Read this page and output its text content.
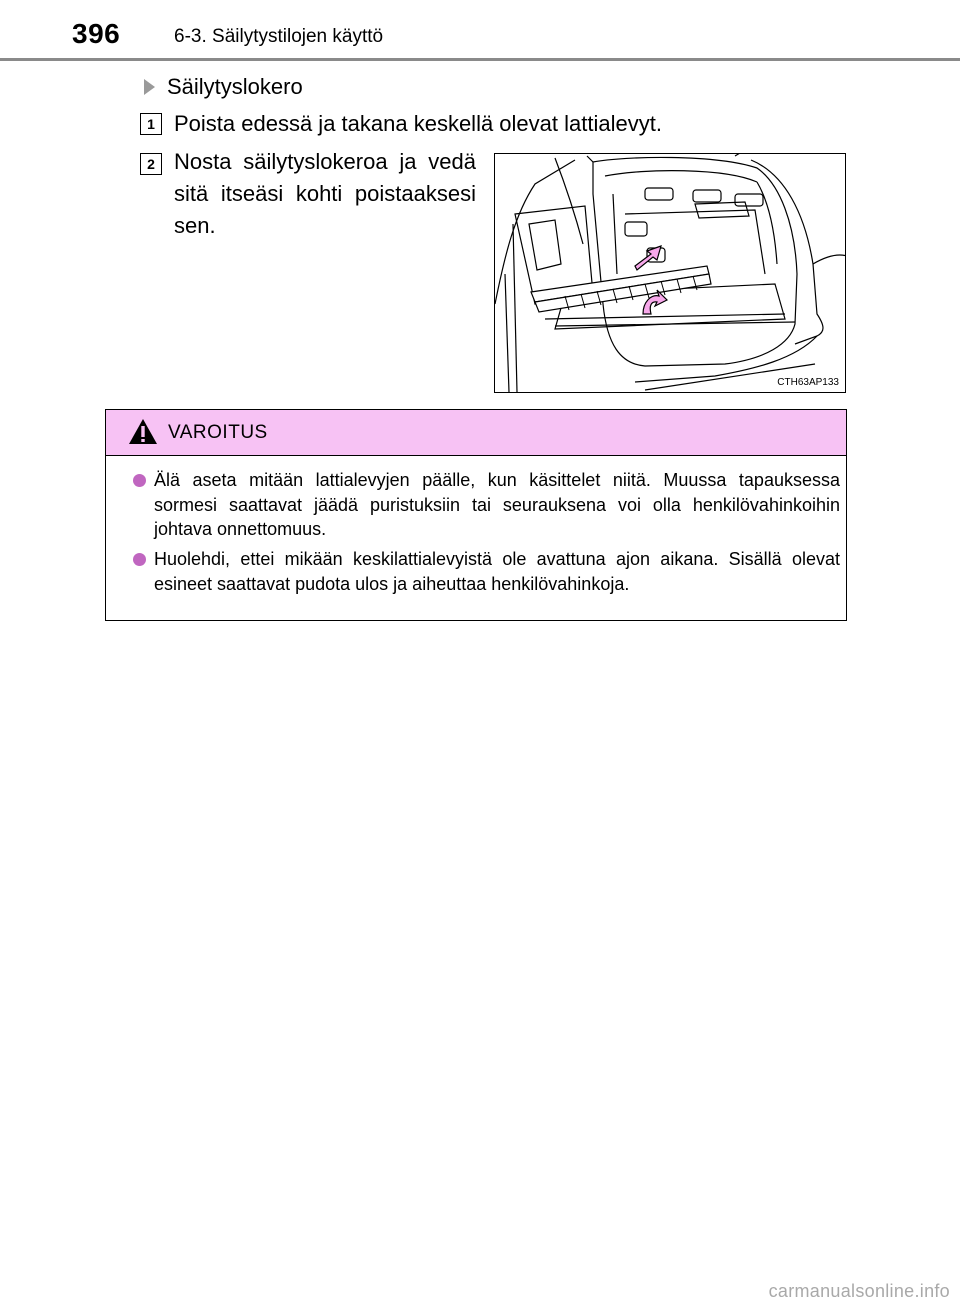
396	6-3. Säilytystilojen käyttö
Säilytyslokero
1 Poista edessä ja takana keskellä olevat lattialevyt.
2 Nosta säilytyslokeroa ja vedä sitä itseäsi kohti poistaaksesi sen.
CTH63AP133
VAROITUS
Älä aseta mitään lattialevyjen päälle, kun käsittelet niitä. Muussa tapauksessa sormesi saattavat jäädä puristuksiin tai seurauksena voi olla henkilövahinkoihin johtava onnettomuus.
Huolehdi, ettei mikään keskilattialevyistä ole avattuna ajon aikana. Sisällä olevat esineet saattavat pudota ulos ja aiheuttaa henkilövahinkoja.
carmanualsonline.info
